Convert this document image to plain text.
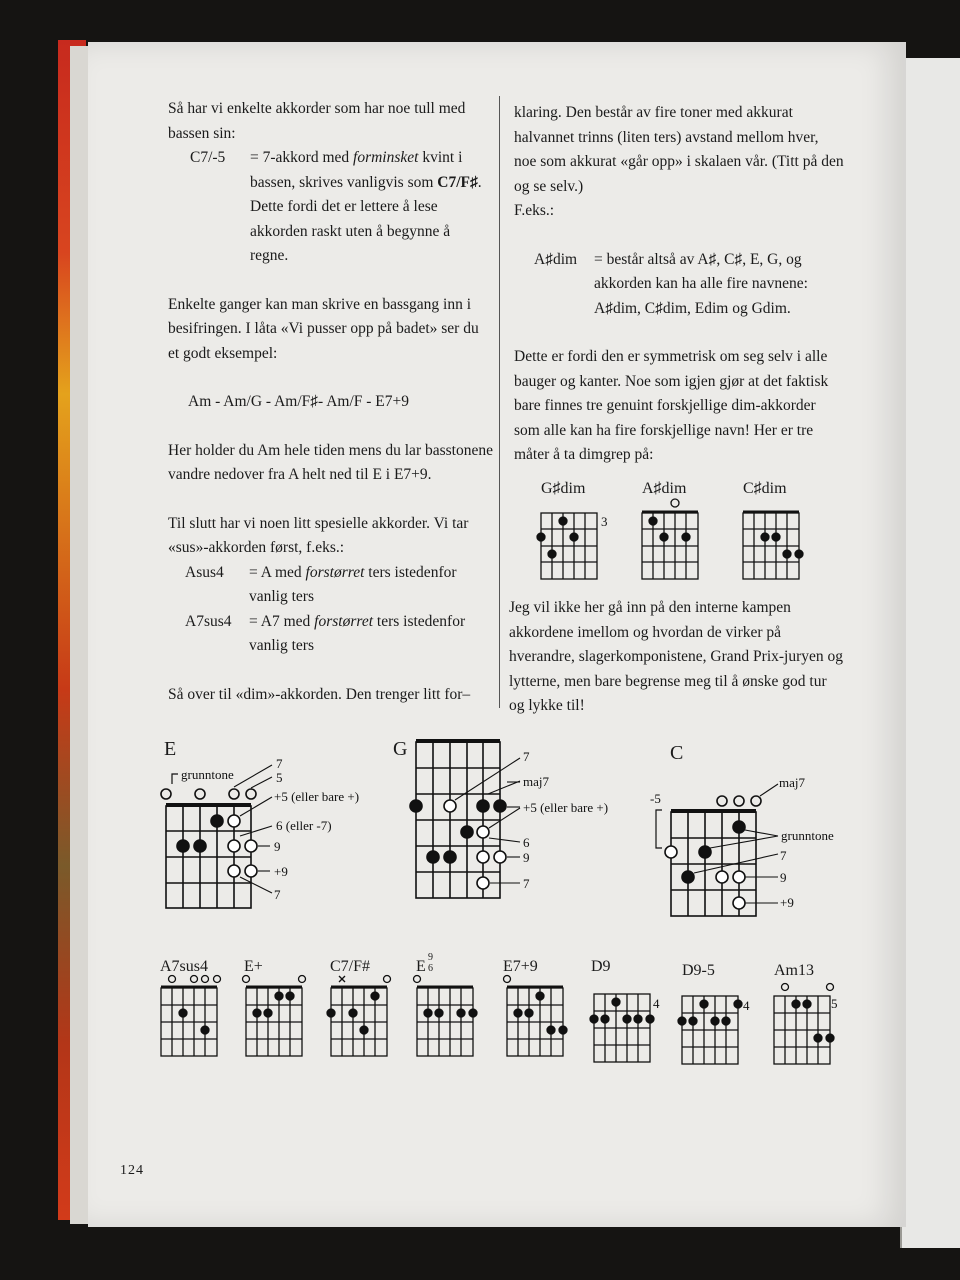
Så har vi enkelte akkorder som har noe tull med bassen sin:

C7/-5	= 7-akkord med forminsket kvint i bassen, skrives vanligvis som C7/F♯. Dette fordi det er lettere å lese akkorden raskt uten å begynne å regne.

Enkelte ganger kan man skrive en bassgang inn i besifringen. I låta «Vi pusser opp på badet» ser du et godt eksempel:

Am - Am/G - Am/F♯- Am/F - E7+9

Her holder du Am hele tiden mens du lar basstonene vandre nedover fra A helt ned til E i E7+9.

Til slutt har vi noen litt spesielle akkorder. Vi tar «sus»-akkorden først, f.eks.:

Asus4	= A med forstørret ters istedenfor vanlig ters
A7sus4	= A7 med forstørret ters istedenfor vanlig ters

Så over til «dim»-akkorden. Den trenger litt for–

klaring. Den består av fire toner med akkurat halvannet trinns (liten ters) avstand mellom hver, noe som akkurat «går opp» i skalaen vår. (Titt på den og se selv.)

F.eks.:

A♯dim	= består altså av A♯, C♯, E, G, og akkorden kan ha alle fire navnene: A♯dim, C♯dim, Edim og Gdim.

Dette er fordi den er symmetrisk om seg selv i alle bauger og kanter. Noe som igjen gjør at det faktisk bare finnes tre genuint forskjellige dim-akkorder som alle kan ha fire forskjellige navn! Her er tre måter å ta dimgrep på:

Jeg vil ikke her gå inn på den interne kampen akkordene imellom og hvordan de virker på hverandre, slagerkomponistene, Grand Prix-juryen og lytterne, men bare begrense meg til å ønske god tur og lykke til!

G♯dim	A♯dim	C♯dim
3
E	G	C
grunntone
7
5
+5 (eller bare +)
6 (eller -7)
9
+9
7
7
maj7
+5 (eller bare +)
6
9
7
maj7
-5
grunntone
7
9
+9
A7sus4 E+	C7/F#	E
9
6	E7+9	D9	D9-5	Am13
4	4	5
124
